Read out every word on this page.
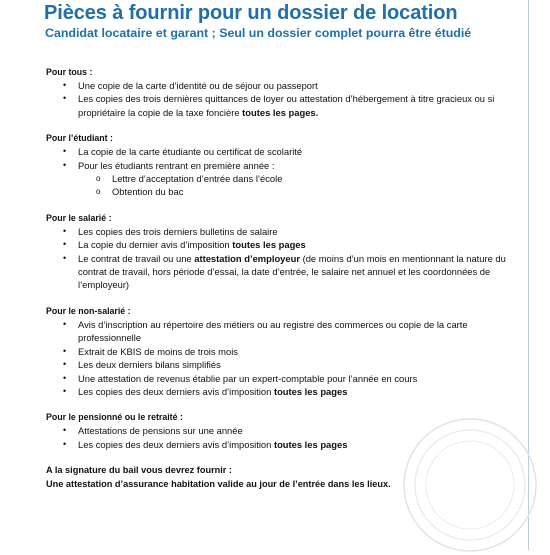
Pièces à fournir pour un dossier de location
Candidat locataire et garant ; Seul un dossier complet pourra être étudié

Pour tous :

• Une copie de la carte d’identité ou de séjour ou passeport
• Les copies des trois dernières quittances de loyer ou attestation d’hébergement à titre gracieux ou si propriétaire la copie de la taxe foncière toutes les pages.

Pour l’étudiant :

• La copie de la carte étudiante ou certificat de scolarité
• Pour les étudiants rentrant en première année :
o Lettre d’acceptation d’entrée dans l’école
o Obtention du bac

Pour le salarié :

• Les copies des trois derniers bulletins de salaire
• La copie du dernier avis d’imposition toutes les pages
• Le contrat de travail ou une attestation d’employeur (de moins d’un mois en mentionnant la nature du contrat de travail, hors période d’essai, la date d’entrée, le salaire net annuel et les coordonnées de l’employeur)

Pour le non-salarié :

• Avis d’inscription au répertoire des métiers ou au registre des commerces ou copie de la carte professionnelle
• Extrait de KBIS de moins de trois mois
• Les deux derniers bilans simplifiés
• Une attestation de revenus établie par un expert-comptable pour l’année en cours
• Les copies des deux derniers avis d’imposition toutes les pages

Pour le pensionné ou le retraité :

• Attestations de pensions sur une année
• Les copies des deux derniers avis d’imposition toutes les pages
A la signature du bail vous devrez fournir :
Une attestation d’assurance habitation valide au jour de l’entrée dans les lieux.
